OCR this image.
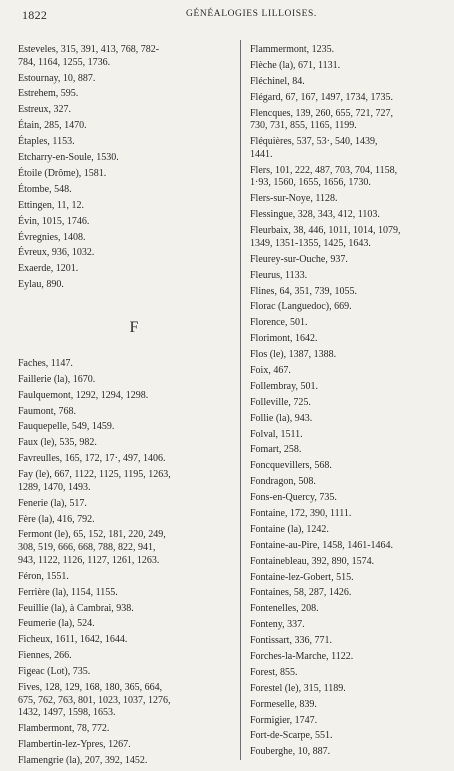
1822	GÉNÉALOGIES LILLOISES.
Esteveles, 315, 391, 413, 768, 782-
784, 1164, 1255, 1736.
Estournay, 10, 887.
Estrehem, 595.
Estreux, 327.
Étain, 285, 1470.
Étaples, 1153.
Etcharry-en-Soule, 1530.
Étoile (Drôme), 1581.
Étombe, 548.
Ettingen, 11, 12.
Évin, 1015, 1746.
Évregnies, 1408.
Évreux, 936, 1032.
Exaerde, 1201.
Eylau, 890.
F
Faches, 1147.
Faillerie (la), 1670.
Faulquemont, 1292, 1294, 1298.
Faumont, 768.
Fauquepelle, 549, 1459.
Faux (le), 535, 982.
Favreulles, 165, 172, 17·, 497, 1406.
Fay (le), 667, 1122, 1125, 1195, 1263,
1289, 1470, 1493.
Fenerie (la), 517.
Fère (la), 416, 792.
Fermont (le), 65, 152, 181, 220, 249,
308, 519, 666, 668, 788, 822, 941,
943, 1122, 1126, 1127, 1261, 1263.
Féron, 1551.
Ferrière (la), 1154, 1155.
Feuillie (la), à Cambrai, 938.
Feumerie (la), 524.
Ficheux, 1611, 1642, 1644.
Fiennes, 266.
Figeac (Lot), 735.
Fives, 128, 129, 168, 180, 365, 664,
675, 762, 763, 801, 1023, 1037, 1276,
1432, 1497, 1598, 1653.
Flambermont, 78, 772.
Flambertin-lez-Ypres, 1267.
Flamengrie (la), 207, 392, 1452.
Flammermont, 1235.
Flèche (la), 671, 1131.
Fléchinel, 84.
Flégard, 67, 167, 1497, 1734, 1735.
Flencques, 139, 260, 655, 721, 727,
730, 731, 855, 1165, 1199.
Fléquières, 537, 53·, 540, 1439,
1441.
Flers, 101, 222, 487, 703, 704, 1158,
1·93, 1560, 1655, 1656, 1730.
Flers-sur-Noye, 1128.
Flessingue, 328, 343, 412, 1103.
Fleurbaix, 38, 446, 1011, 1014, 1079,
1349, 1351-1355, 1425, 1643.
Fleurey-sur-Ouche, 937.
Fleurus, 1133.
Flines, 64, 351, 739, 1055.
Florac (Languedoc), 669.
Florence, 501.
Florimont, 1642.
Flos (le), 1387, 1388.
Foix, 467.
Follembray, 501.
Folleville, 725.
Follie (la), 943.
Folval, 1511.
Fomart, 258.
Foncquevillers, 568.
Fondragon, 508.
Fons-en-Quercy, 735.
Fontaine, 172, 390, 1111.
Fontaine (la), 1242.
Fontaine-au-Pire, 1458, 1461-1464.
Fontainebleau, 392, 890, 1574.
Fontaine-lez-Gobert, 515.
Fontaines, 58, 287, 1426.
Fontenelles, 208.
Fonteny, 337.
Fontissart, 336, 771.
Forches-la-Marche, 1122.
Forest, 855.
Forestel (le), 315, 1189.
Formeselle, 839.
Formigier, 1747.
Fort-de-Scarpe, 551.
Fouberghe, 10, 887.
